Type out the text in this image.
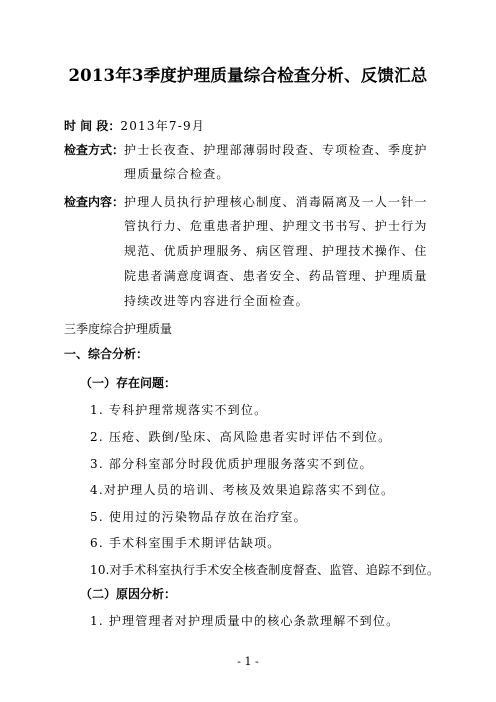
2013年3季度护理质量综合检查分析、反馈汇总
时 间 段：2013年7-9月
检查方式：护士长夜查、护理部薄弱时段查、专项检查、季度护
理质量综合检查。
检查内容：护理人员执行护理核心制度、消毒隔离及一人一针一
管执行力、危重患者护理、护理文书书写、护士行为
规范、优质护理服务、病区管理、护理技术操作、住
院患者满意度调查、患者安全、药品管理、护理质量
持续改进等内容进行全面检查。
三季度综合护理质量
一、综合分析：
（一）存在问题：
1. 专科护理常规落实不到位。
2. 压疮、跌倒/坠床、高风险患者实时评估不到位。
3. 部分科室部分时段优质护理服务落实不到位。
4.对护理人员的培训、考核及效果追踪落实不到位。
5. 使用过的污染物品存放在治疗室。
6. 手术科室围手术期评估缺项。
10.对手术科室执行手术安全核查制度督查、监管、追踪不到位。
（二）原因分析：
1. 护理管理者对护理质量中的核心条款理解不到位。
- 1 -
